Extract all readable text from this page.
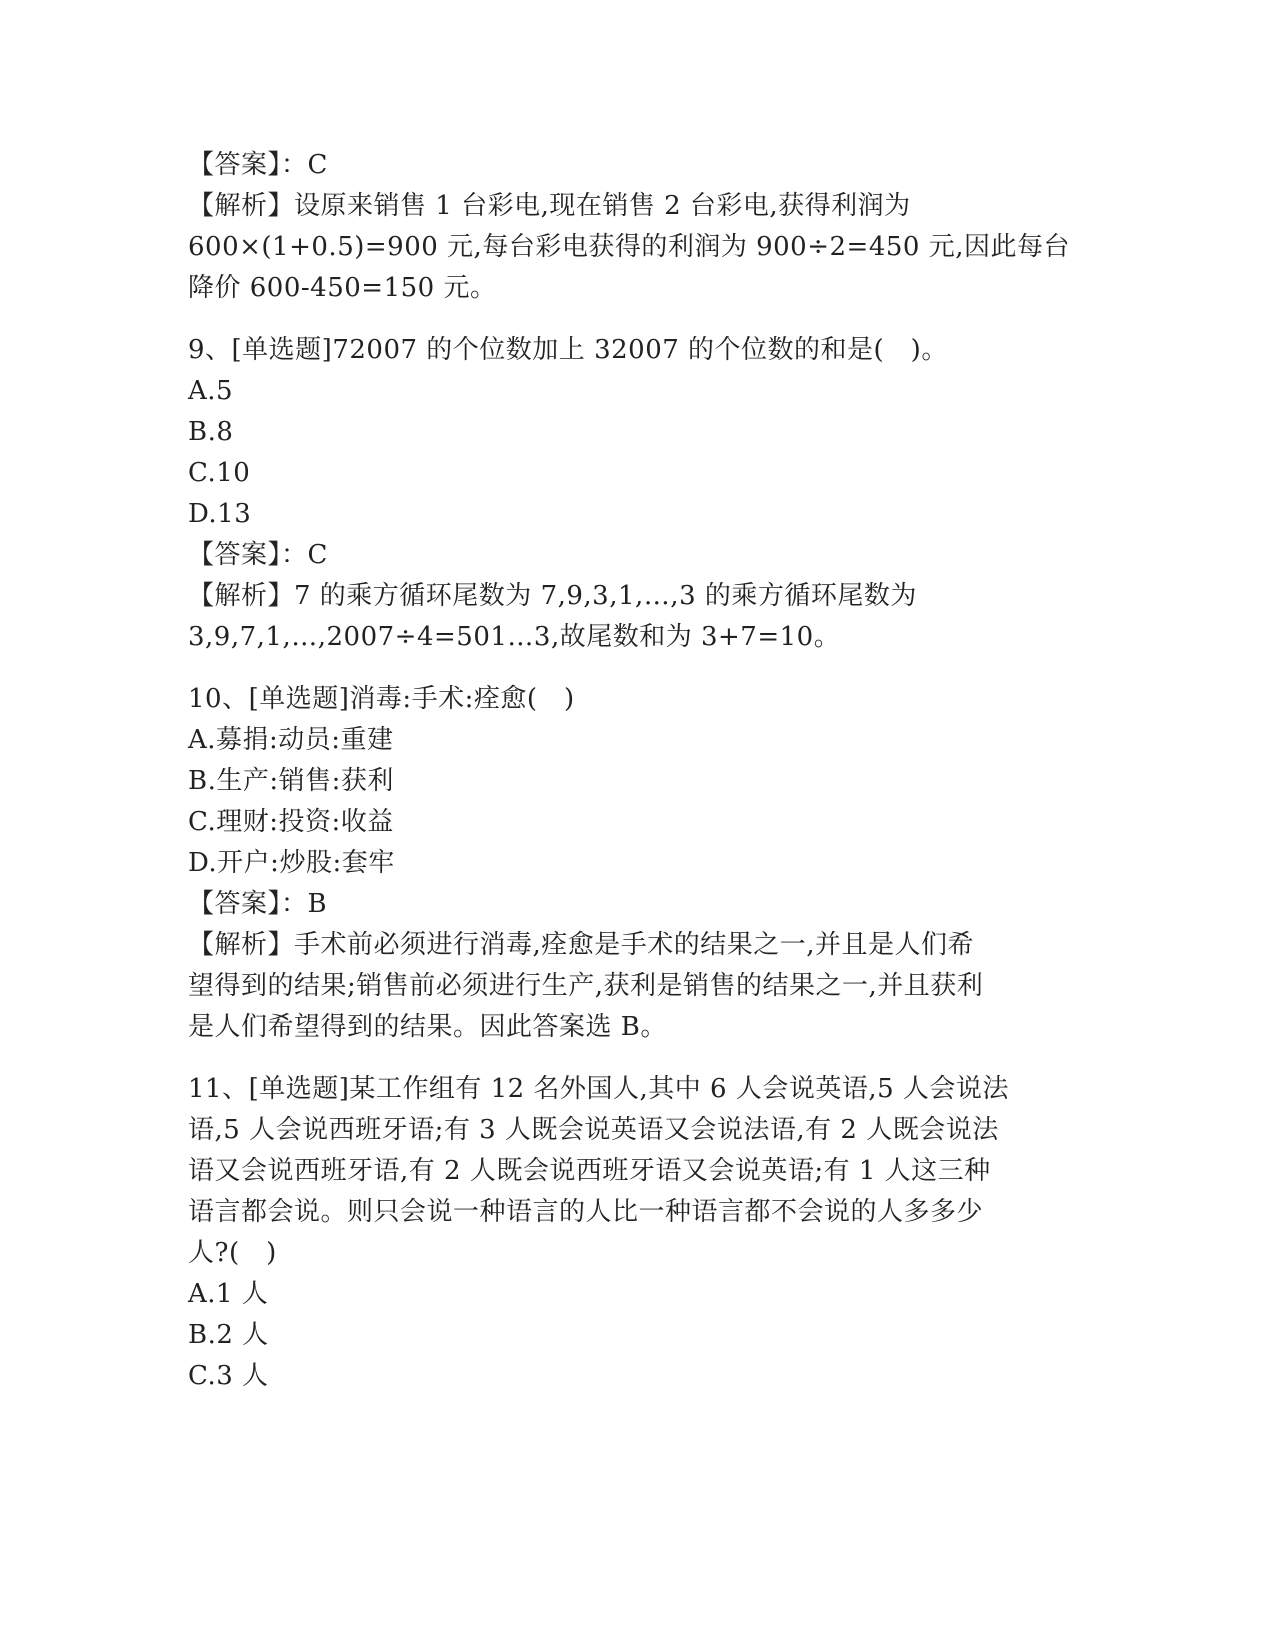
【答案】：C
【解析】设原来销售 1 台彩电,现在销售 2 台彩电,获得利润为
600×(1+0.5)=900 元,每台彩电获得的利润为 900÷2=450 元,因此每台
降价 600-450=150 元。
9、[单选题]72007 的个位数加上 32007 的个位数的和是(　)。
A.5
B.8
C.10
D.13
【答案】：C
【解析】7 的乘方循环尾数为 7,9,3,1,…,3 的乘方循环尾数为
3,9,7,1,…,2007÷4=501…3,故尾数和为 3+7=10。
10、[单选题]消毒:手术:痊愈(　)
A.募捐:动员:重建
B.生产:销售:获利
C.理财:投资:收益
D.开户:炒股:套牢
【答案】：B
【解析】手术前必须进行消毒,痊愈是手术的结果之一,并且是人们希
望得到的结果;销售前必须进行生产,获利是销售的结果之一,并且获利
是人们希望得到的结果。因此答案选 B。
11、[单选题]某工作组有 12 名外国人,其中 6 人会说英语,5 人会说法
语,5 人会说西班牙语;有 3 人既会说英语又会说法语,有 2 人既会说法
语又会说西班牙语,有 2 人既会说西班牙语又会说英语;有 1 人这三种
语言都会说。则只会说一种语言的人比一种语言都不会说的人多多少
人?(　)
A.1 人
B.2 人
C.3 人
